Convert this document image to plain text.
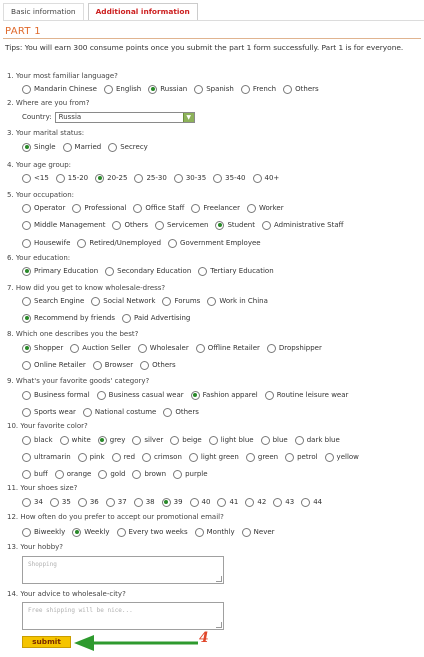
Basic information	Additional information
PART 1
Tips: You will earn 300 consume points once you submit the part 1 form successfully. Part 1 is for everyone.
1. Your most familiar language?
Mandarin Chinese	English	Russian	Spanish	French	Others
2. Where are you from?
Country:	Russia	▼
3. Your marital status:
Single	Married	Secrecy
4. Your age group:
<15	15-20	20-25	25-30	30-35	35-40	40+
5. Your occupation:
Operator	Professional	Office Staff	Freelancer	Worker
Middle Management	Others	Servicemen	Student	Administrative Staff
Housewife	Retired/Unemployed	Government Employee
6. Your education:
Primary Education	Secondary Education	Tertiary Education
7. How did you get to know wholesale-dress?
Search Engine	Social Network	Forums	Work in China
Recommend by friends	Paid Advertising
8. Which one describes you the best?
Shopper	Auction Seller	Wholesaler	Offline Retailer	Dropshipper
Online Retailer	Browser	Others
9. What's your favorite goods' category?
Business formal	Business casual wear	Fashion apparel	Routine leisure wear
Sports wear	National costume	Others
10. Your favorite color?
black	white	grey	silver	beige	light blue	blue	dark blue
ultramarin	pink	red	crimson	light green	green	petrol	yellow
buff	orange	gold	brown	purple
11. Your shoes size?
34	35	36	37	38	39	40	41	42	43	44
12. How often do you prefer to accept our promotional email?
Biweekly	Weekly	Every two weeks	Monthly	Never
13. Your hobby?
Shopping
14. Your advice to wholesale-city?
Free shipping will be nice...
submit	4
